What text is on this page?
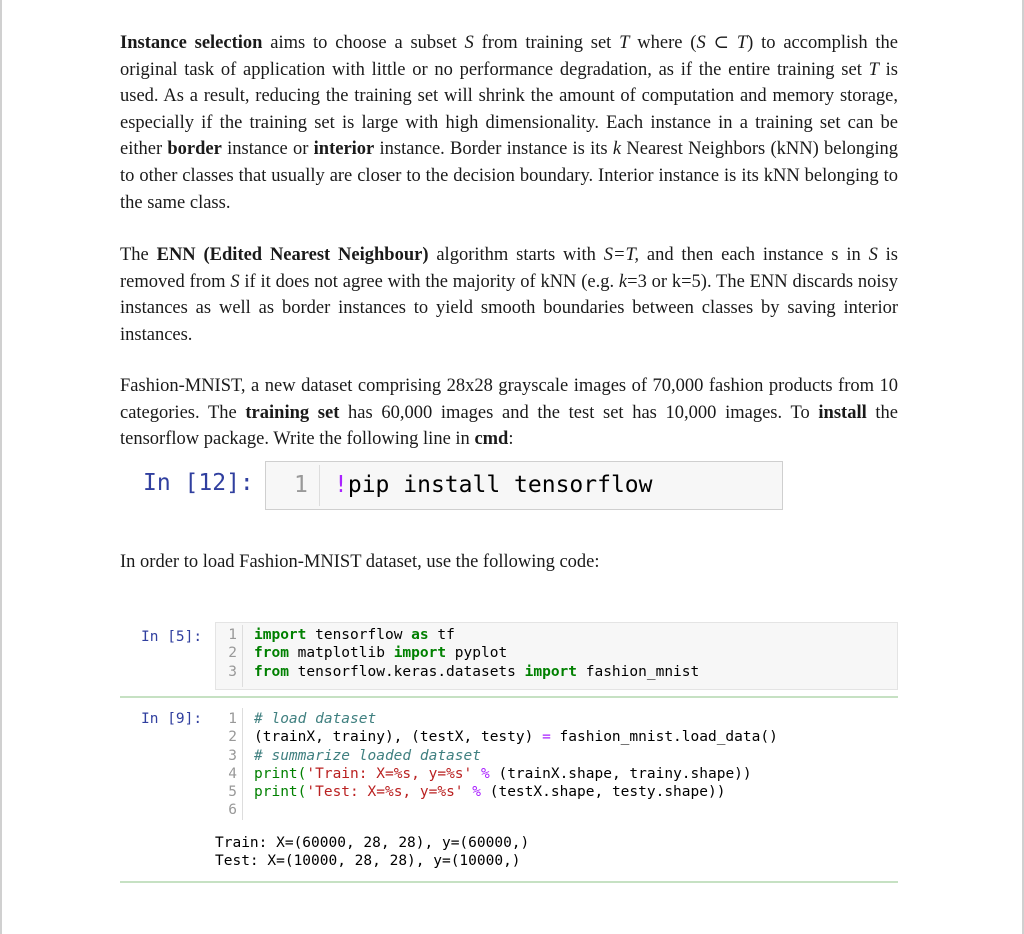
Instance selection aims to choose a subset S from training set T where (S ⊂ T) to accomplish the original task of application with little or no performance degradation, as if the entire training set T is used. As a result, reducing the training set will shrink the amount of computation and memory storage, especially if the training set is large with high dimensionality. Each instance in a training set can be either border instance or interior instance. Border instance is its k Nearest Neighbors (kNN) belonging to other classes that usually are closer to the decision boundary. Interior instance is its kNN belonging to the same class.

The ENN (Edited Nearest Neighbour) algorithm starts with S=T, and then each instance s in S is removed from S if it does not agree with the majority of kNN (e.g. k=3 or k=5). The ENN discards noisy instances as well as border instances to yield smooth boundaries between classes by saving interior instances.

Fashion-MNIST, a new dataset comprising 28x28 grayscale images of 70,000 fashion products from 10 categories. The training set has 60,000 images and the test set has 10,000 images. To install the tensorflow package. Write the following line in cmd:

In [12]: 1 !pip install tensorflow

In order to load Fashion-MNIST dataset, use the following code:

In [5]:	1 import tensorflow as tf
2 from matplotlib import pyplot
3 from tensorflow.keras.datasets import fashion_mnist
In [9]:	1 # load dataset
2 (trainX, trainy), (testX, testy) = fashion_mnist.load_data()
3 # summarize loaded dataset
4 print('Train: X=%s, y=%s' % (trainX.shape, trainy.shape))
5 print('Test: X=%s, y=%s' % (testX.shape, testy.shape))
6
Train: X=(60000, 28, 28), y=(60000,)
Test: X=(10000, 28, 28), y=(10000,)
